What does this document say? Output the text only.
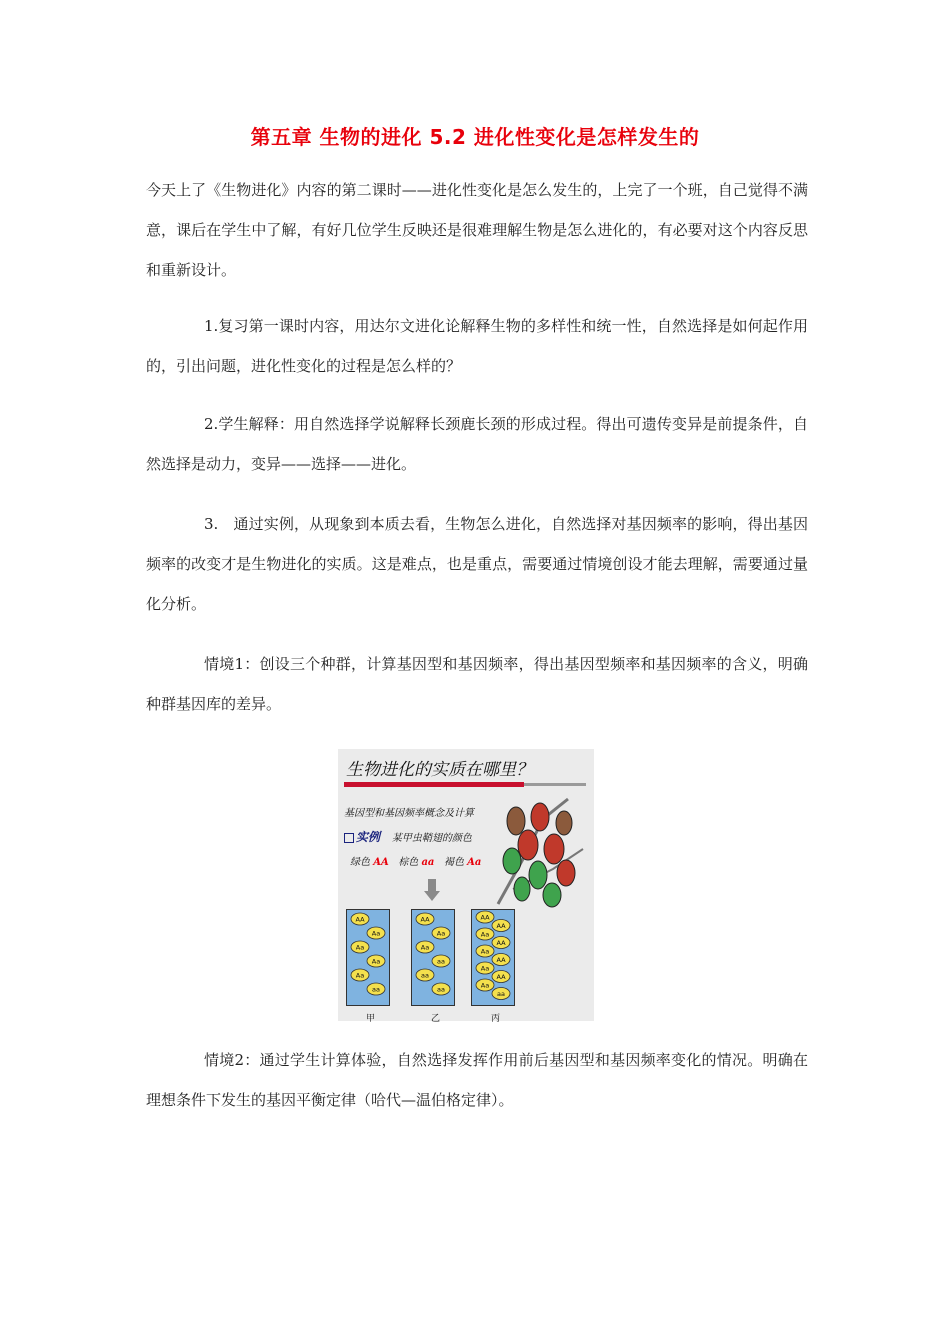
第五章 生物的进化 5.2 进化性变化是怎样发生的

今天上了《生物进化》内容的第二课时——进化性变化是怎么发生的，上完了一个班，自己觉得不满意，课后在学生中了解，有好几位学生反映还是很难理解生物是怎么进化的，有必要对这个内容反思和重新设计。

1.复习第一课时内容，用达尔文进化论解释生物的多样性和统一性，自然选择是如何起作用的，引出问题，进化性变化的过程是怎么样的？

2.学生解释：用自然选择学说解释长颈鹿长颈的形成过程。得出可遗传变异是前提条件，自然选择是动力，变异——选择——进化。

3.　通过实例，从现象到本质去看，生物怎么进化，自然选择对基因频率的影响，得出基因频率的改变才是生物进化的实质。这是难点，也是重点，需要通过情境创设才能去理解，需要通过量化分析。

情境1：创设三个种群，计算基因型和基因频率，得出基因型频率和基因频率的含义，明确种群基因库的差异。

生物进化的实质在哪里？
基因型和基因频率概念及计算
实例 某甲虫鞘翅的颜色
绿色 AA 棕色 aa 褐色 Aa
AA
Aa
Aa
Aa
Aa
aa
AA
Aa
Aa
aa
aa
aa
AA
AA
Aa
AA
Aa
AA
Aa
AA
Aa
aa
甲	乙	丙

情境2：通过学生计算体验，自然选择发挥作用前后基因型和基因频率变化的情况。明确在理想条件下发生的基因平衡定律（哈代—温伯格定律）。
